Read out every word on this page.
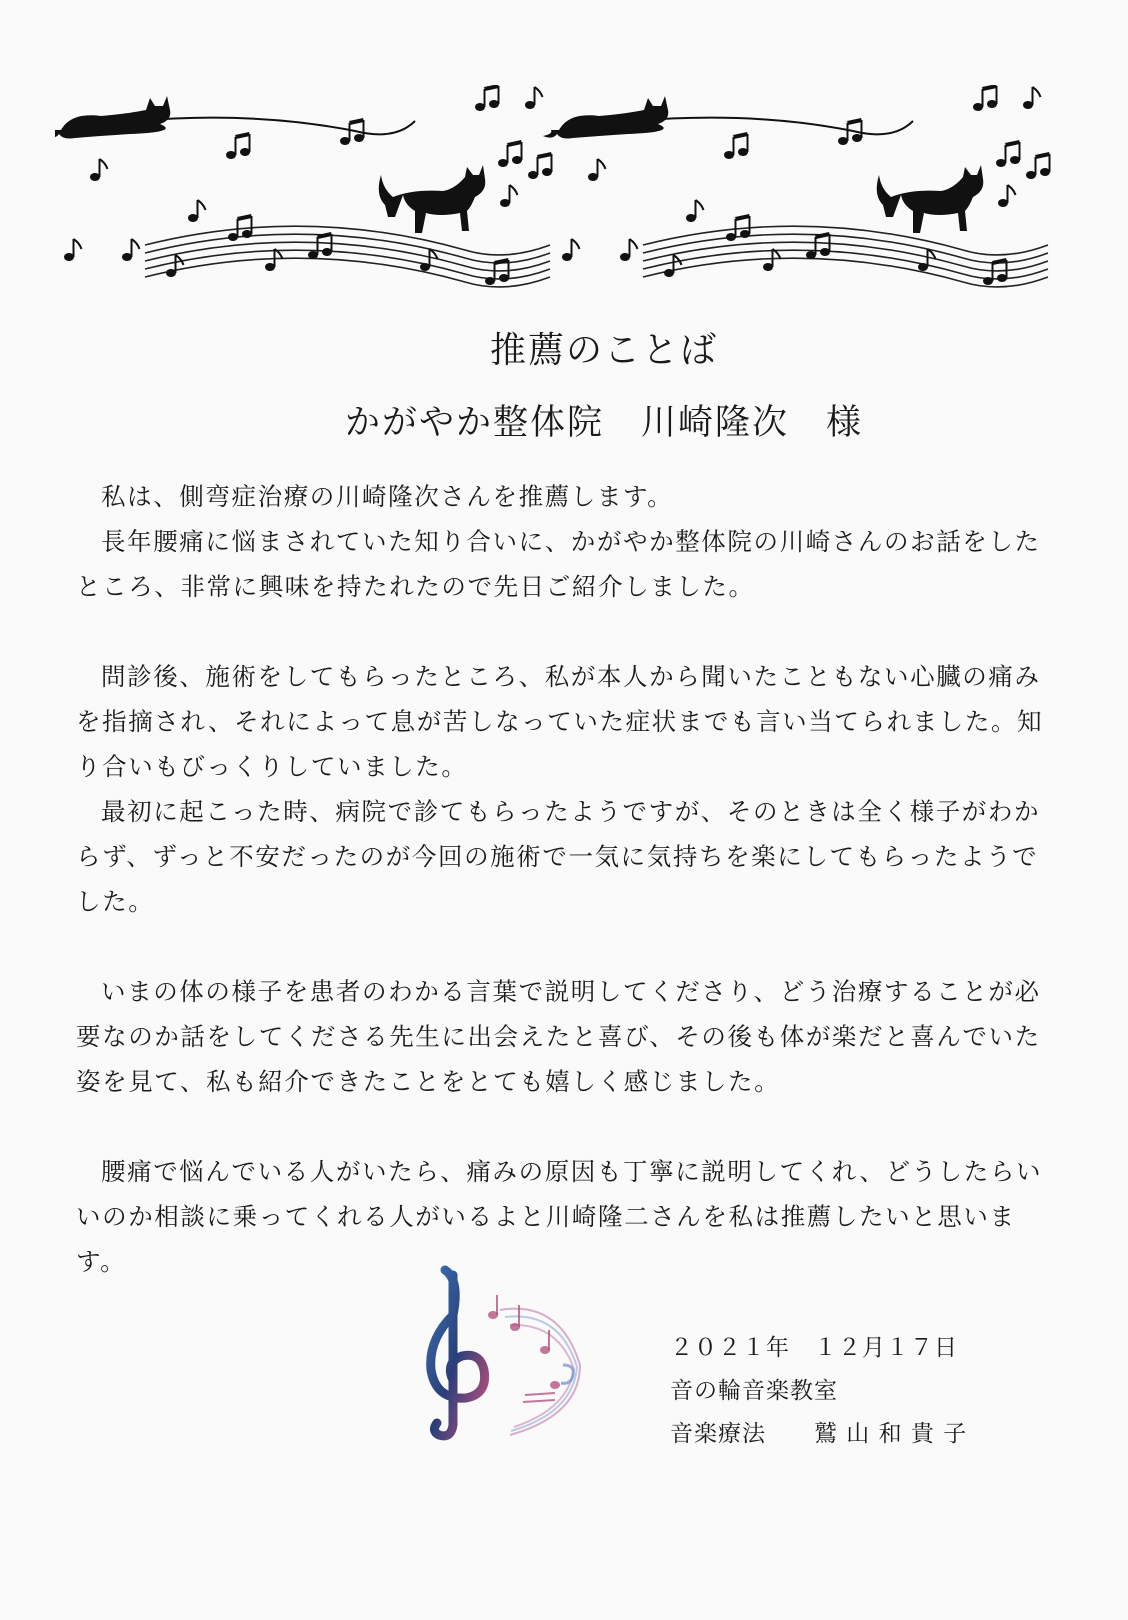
推薦のことば
かがやか整体院　川崎隆次　様

私は、側弯症治療の川崎隆次さんを推薦します。

長年腰痛に悩まされていた知り合いに、かがやか整体院の川崎さんのお話をしたところ、非常に興味を持たれたので先日ご紹介しました。

問診後、施術をしてもらったところ、私が本人から聞いたこともない心臓の痛みを指摘され、それによって息が苦しなっていた症状までも言い当てられました。知り合いもびっくりしていました。

最初に起こった時、病院で診てもらったようですが、そのときは全く様子がわからず、ずっと不安だったのが今回の施術で一気に気持ちを楽にしてもらったようでした。

いまの体の様子を患者のわかる言葉で説明してくださり、どう治療することが必要なのか話をしてくださる先生に出会えたと喜び、その後も体が楽だと喜んでいた姿を見て、私も紹介できたことをとても嬉しく感じました。

腰痛で悩んでいる人がいたら、痛みの原因も丁寧に説明してくれ、どうしたらいいのか相談に乗ってくれる人がいるよと川崎隆二さんを私は推薦したいと思います。

２０２１年　１２月１７日
音の輪音楽教室
音楽療法　　鷲 山 和 貴 子
